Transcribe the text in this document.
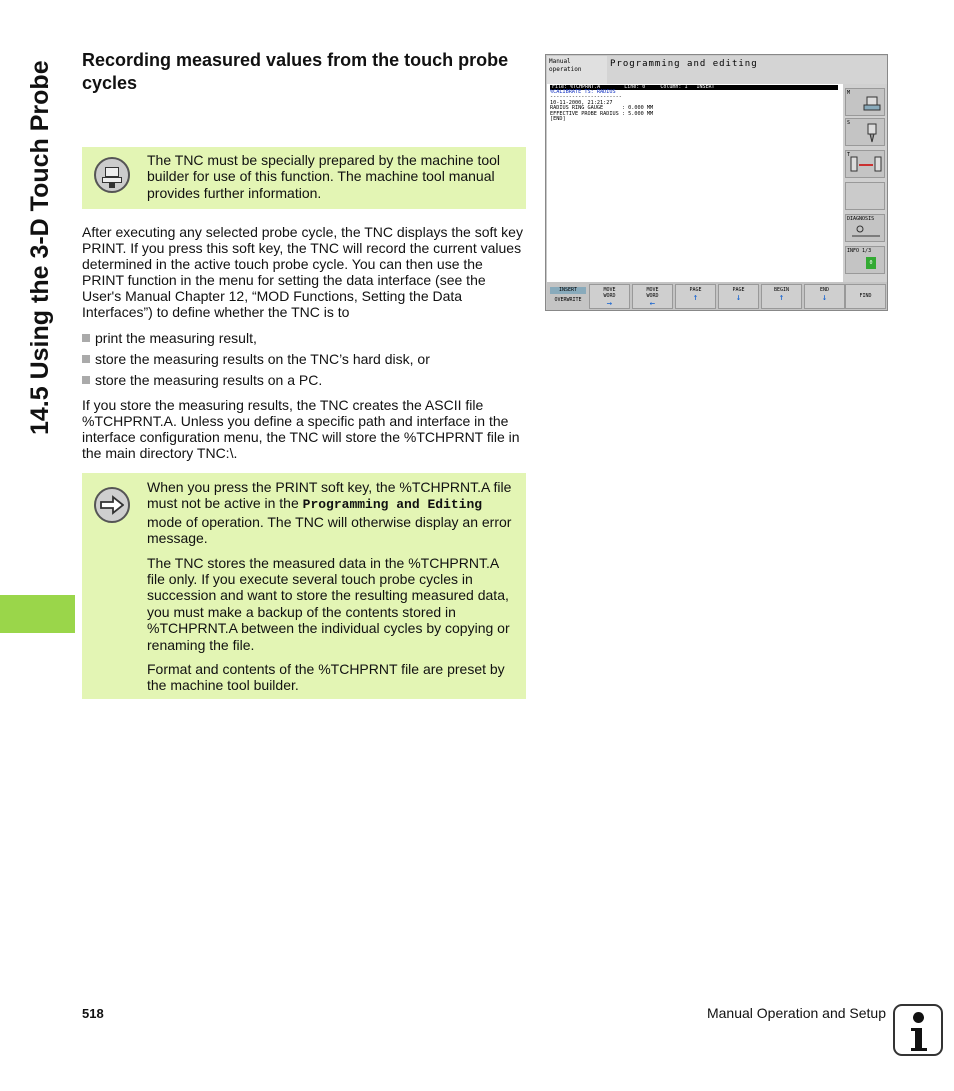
14.5 Using the 3-D Touch Probe
Recording measured values from the touch probe cycles
The TNC must be specially prepared by the machine tool builder for use of this function. The machine tool manual provides further information.
After executing any selected probe cycle, the TNC displays the soft key PRINT. If you press this soft key, the TNC will record the current values determined in the active touch probe cycle. You can then use the PRINT function in the menu for setting the data interface (see the User's Manual Chapter 12, “MOD Functions, Setting the Data Interfaces”) to define whether the TNC is to
print the measuring result,
store the measuring results on the TNC’s hard disk, or
store the measuring results on a PC.
If you store the measuring results, the TNC creates the ASCII file %TCHPRNT.A. Unless you define a specific path and interface in the interface configuration menu, the TNC will store the %TCHPRNT file in the main directory TNC:\.

When you press the PRINT soft key, the %TCHPRNT.A file must not be active in the Programming and Editing mode of operation. The TNC will otherwise display an error message.

The TNC stores the measured data in the %TCHPRNT.A file only. If you execute several touch probe cycles in succession and want to store the resulting measured data, you must make a backup of the contents stored in %TCHPRNT.A between the individual cycles by copying or renaming the file.

Format and contents of the %TCHPRNT file are preset by the machine tool builder.

Manual
operation
Programming and editing
File: %TCHPRNT.A        Line: 0     Column: 1   INSERT
%CALIBRATE TS: RADIUS
-----------------------
10-11-2000, 21:21:27
RADIUS RING GAUGE      : 0.000 MM
EFFECTIVE PROBE RADIUS : 5.000 MM
[END]
M
S
T
DIAGNOSIS
INFO 1/3
0
INSERT
OVERWRITE
MOVE
WORD
→
MOVE
WORD
←
PAGE
↑
PAGE
↓
BEGIN
↑
END
↓	FIND
518	Manual Operation and Setup
